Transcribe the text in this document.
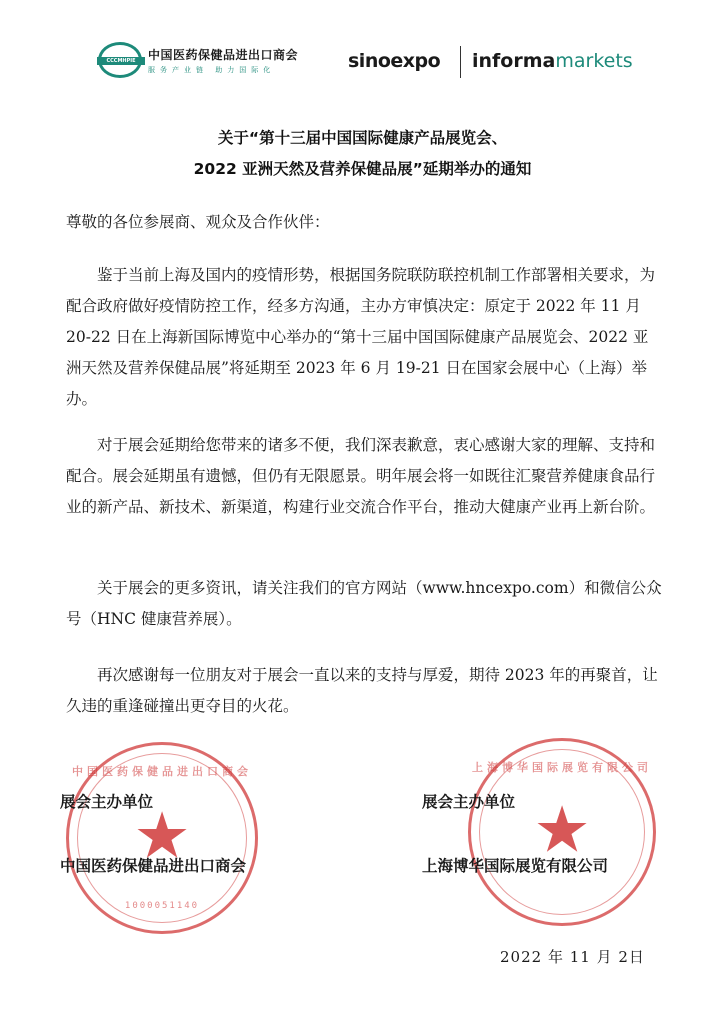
CCCMHPIE	中国医药保健品进出口商会
服务产业链 助力国际化	sinoexpo informamarkets
关于“第十三届中国国际健康产品展览会、
2022 亚洲天然及营养保健品展”延期举办的通知
尊敬的各位参展商、观众及合作伙伴：
鉴于当前上海及国内的疫情形势，根据国务院联防联控机制工作部署相关要求，为配合政府做好疫情防控工作，经多方沟通，主办方审慎决定：原定于 2022 年 11 月 20-22 日在上海新国际博览中心举办的“第十三届中国国际健康产品展览会、2022 亚洲天然及营养保健品展”将延期至 2023 年 6 月 19-21 日在国家会展中心（上海）举办。
对于展会延期给您带来的诸多不便，我们深表歉意，衷心感谢大家的理解、支持和配合。展会延期虽有遗憾，但仍有无限愿景。明年展会将一如既往汇聚营养健康食品行业的新产品、新技术、新渠道，构建行业交流合作平台，推动大健康产业再上新台阶。
关于展会的更多资讯，请关注我们的官方网站（www.hncexpo.com）和微信公众号（HNC 健康营养展）。
再次感谢每一位朋友对于展会一直以来的支持与厚爱，期待 2023 年的再聚首，让久违的重逢碰撞出更夺目的火花。
中国医药保健品进出口商会
★
1000051140
上海博华国际展览有限公司
★
展会主办单位	展会主办单位
中国医药保健品进出口商会	上海博华国际展览有限公司
2022 年 11 月 2日
